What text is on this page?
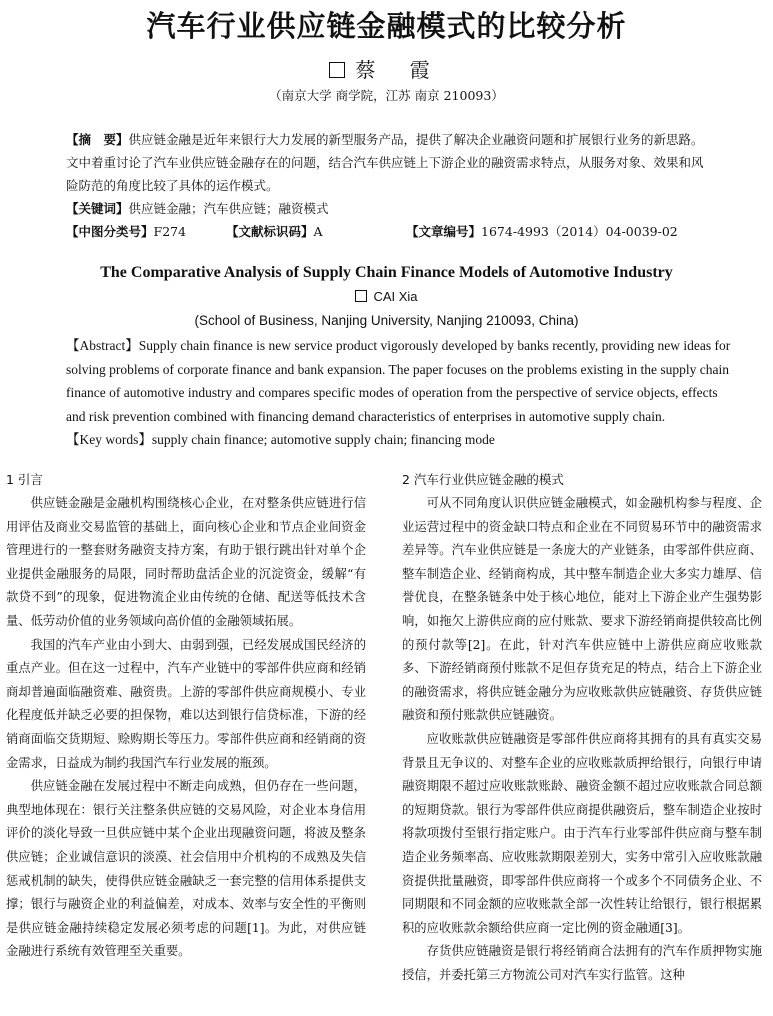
汽车行业供应链金融模式的比较分析
蔡 霞
（南京大学 商学院，江苏 南京 210093）

【摘　要】供应链金融是近年来银行大力发展的新型服务产品，提供了解决企业融资问题和扩展银行业务的新思路。文中着重讨论了汽车业供应链金融存在的问题，结合汽车供应链上下游企业的融资需求特点，从服务对象、效果和风险防范的角度比较了具体的运作模式。

【关键词】供应链金融；汽车供应链；融资模式

【中图分类号】F274	【文献标识码】A	【文章编号】1674-4993（2014）04-0039-02
The Comparative Analysis of Supply Chain Finance Models of Automotive Industry
CAI Xia
(School of Business, Nanjing University, Nanjing 210093, China)

【Abstract】Supply chain finance is new service product vigorously developed by banks recently, providing new ideas for solving problems of corporate finance and bank expansion. The paper focuses on the problems existing in the supply chain finance of automotive industry and compares specific modes of operation from the perspective of service objects, effects and risk prevention combined with financing demand characteristics of enterprises in automotive supply chain.

【Key words】supply chain finance; automotive supply chain; financing mode

1 引言

供应链金融是金融机构围绕核心企业，在对整条供应链进行信用评估及商业交易监管的基础上，面向核心企业和节点企业间资金管理进行的一整套财务融资支持方案，有助于银行跳出针对单个企业提供金融服务的局限，同时帮助盘活企业的沉淀资金，缓解“有款贷不到”的现象，促进物流企业由传统的仓储、配送等低技术含量、低劳动价值的业务领域向高价值的金融领域拓展。

我国的汽车产业由小到大、由弱到强，已经发展成国民经济的重点产业。但在这一过程中，汽车产业链中的零部件供应商和经销商却普遍面临融资难、融资贵。上游的零部件供应商规模小、专业化程度低并缺乏必要的担保物，难以达到银行信贷标准，下游的经销商面临交货期短、赊购期长等压力。零部件供应商和经销商的资金需求，日益成为制约我国汽车行业发展的瓶颈。

供应链金融在发展过程中不断走向成熟，但仍存在一些问题，典型地体现在：银行关注整条供应链的交易风险，对企业本身信用评价的淡化导致一旦供应链中某个企业出现融资问题，将波及整条供应链；企业诚信意识的淡漠、社会信用中介机构的不成熟及失信惩戒机制的缺失，使得供应链金融缺乏一套完整的信用体系提供支撑；银行与融资企业的利益偏差，对成本、效率与安全性的平衡则是供应链金融持续稳定发展必须考虑的问题[1]。为此，对供应链金融进行系统有效管理至关重要。

2 汽车行业供应链金融的模式

可从不同角度认识供应链金融模式，如金融机构参与程度、企业运营过程中的资金缺口特点和企业在不同贸易环节中的融资需求差异等。汽车业供应链是一条庞大的产业链条，由零部件供应商、整车制造企业、经销商构成，其中整车制造企业大多实力雄厚、信誉优良，在整条链条中处于核心地位，能对上下游企业产生强势影响，如拖欠上游供应商的应付账款、要求下游经销商提供较高比例的预付款等[2]。在此，针对汽车供应链中上游供应商应收账款多、下游经销商预付账款不足但存货充足的特点，结合上下游企业的融资需求，将供应链金融分为应收账款供应链融资、存货供应链融资和预付账款供应链融资。

应收账款供应链融资是零部件供应商将其拥有的具有真实交易背景且无争议的、对整车企业的应收账款质押给银行，向银行申请融资期限不超过应收账款账龄、融资金额不超过应收账款合同总额的短期贷款。银行为零部件供应商提供融资后，整车制造企业按时将款项拨付至银行指定账户。由于汽车行业零部件供应商与整车制造企业务频率高、应收账款期限差别大，实务中常引入应收账款融资提供批量融资，即零部件供应商将一个或多个不同债务企业、不同期限和不同金额的应收账款全部一次性转让给银行，银行根据累积的应收账款余额给供应商一定比例的资金融通[3]。

存货供应链融资是银行将经销商合法拥有的汽车作质押物实施授信，并委托第三方物流公司对汽车实行监管。这种
